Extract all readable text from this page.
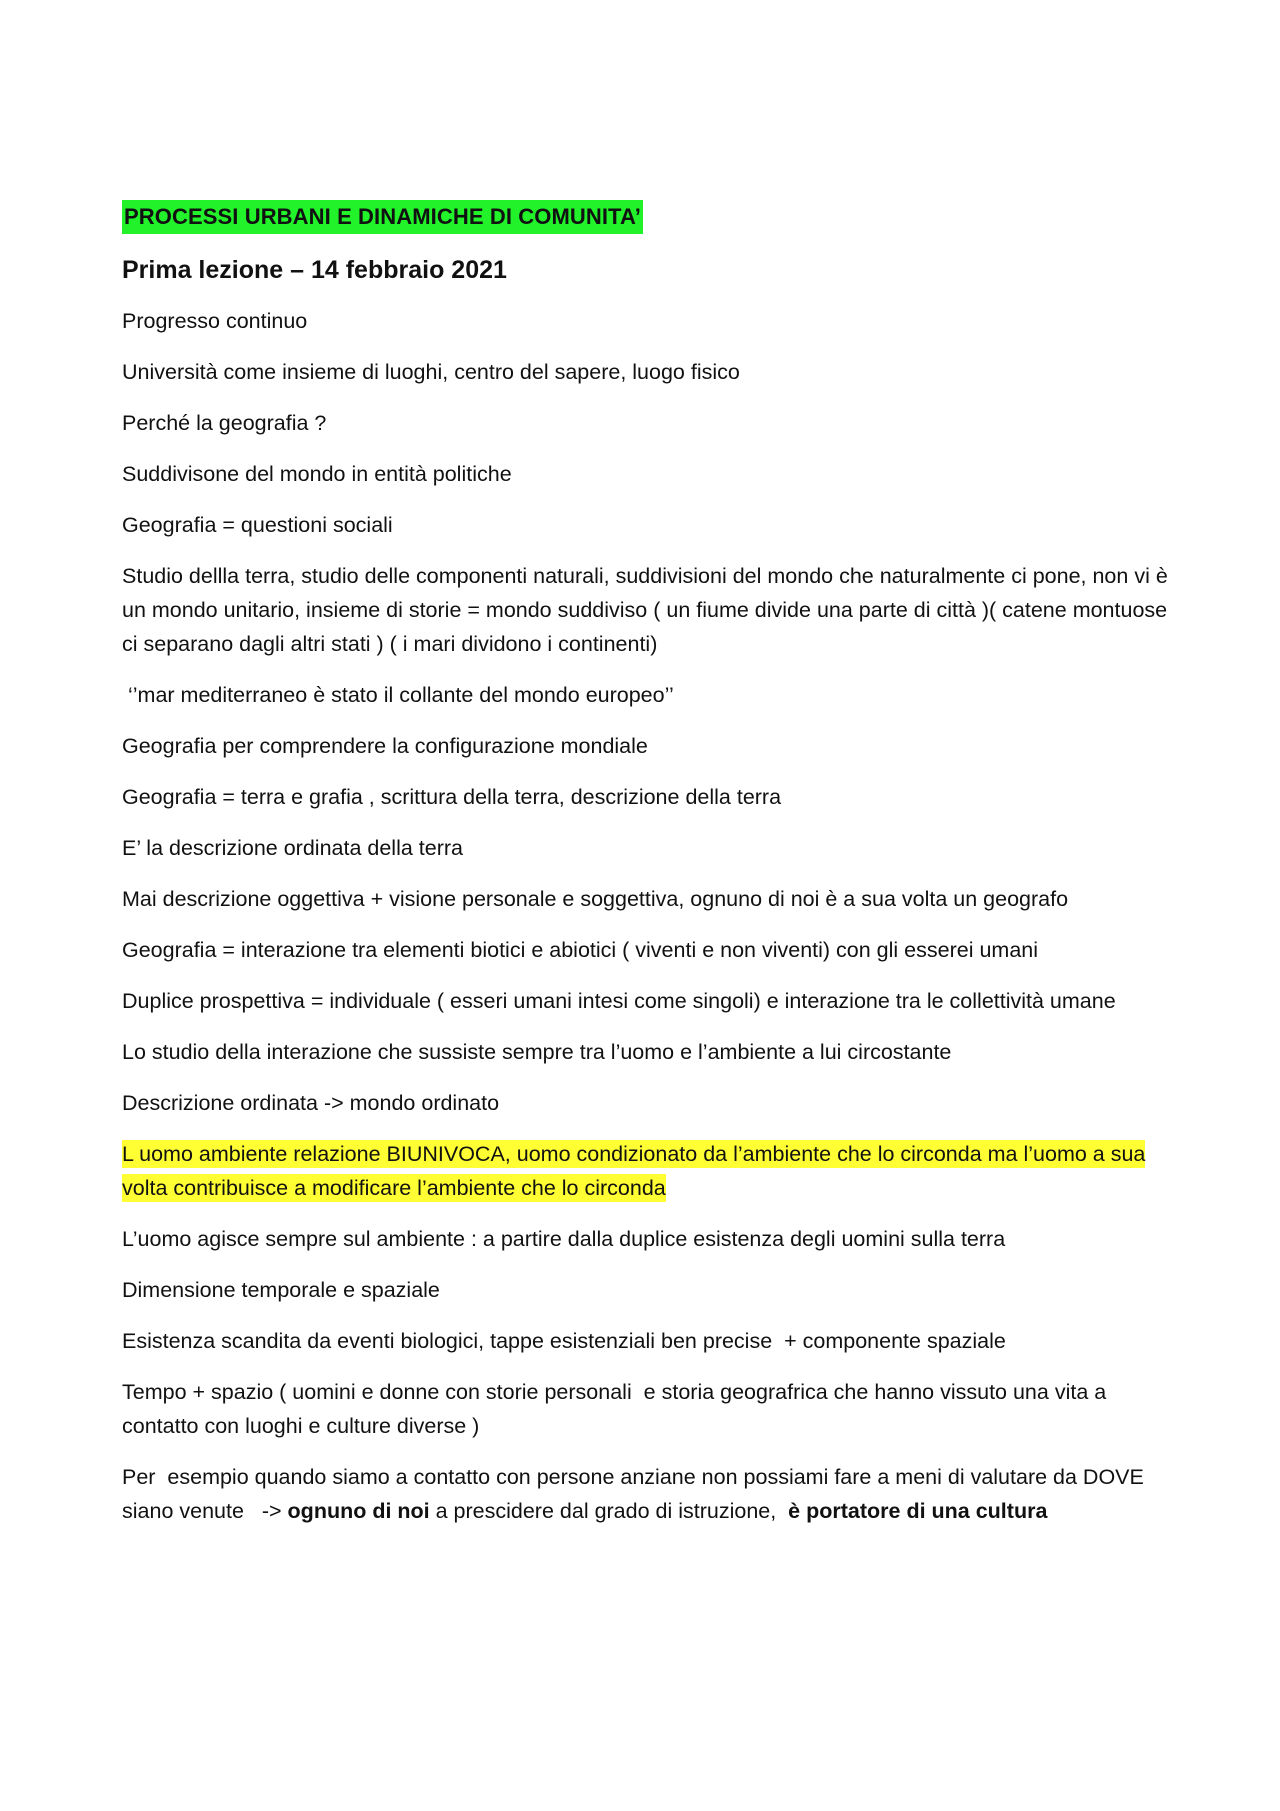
PROCESSI URBANI E DINAMICHE DI COMUNITA’

Prima lezione – 14 febbraio 2021

Progresso continuo

Università come insieme di luoghi, centro del sapere, luogo fisico

Perché la geografia ?

Suddivisone del mondo in entità politiche

Geografia = questioni sociali

Studio dellla terra, studio delle componenti naturali, suddivisioni del mondo che naturalmente ci pone, non vi è un mondo unitario, insieme di storie = mondo suddiviso ( un fiume divide una parte di città )( catene montuose ci separano dagli altri stati ) ( i mari dividono i continenti)

‘’mar mediterraneo è stato il collante del mondo europeo’’

Geografia per comprendere la configurazione mondiale

Geografia = terra e grafia , scrittura della terra, descrizione della terra

E’ la descrizione ordinata della terra

Mai descrizione oggettiva + visione personale e soggettiva, ognuno di noi è a sua volta un geografo

Geografia = interazione tra elementi biotici e abiotici ( viventi e non viventi) con gli esserei umani

Duplice prospettiva = individuale ( esseri umani intesi come singoli) e interazione tra le collettività umane

Lo studio della interazione che sussiste sempre tra l’uomo e l’ambiente a lui circostante

Descrizione ordinata -> mondo ordinato

L uomo ambiente relazione BIUNIVOCA, uomo condizionato da l’ambiente che lo circonda ma l’uomo a sua volta contribuisce a modificare l’ambiente che lo circonda

L’uomo agisce sempre sul ambiente : a partire dalla duplice esistenza degli uomini sulla terra

Dimensione temporale e spaziale

Esistenza scandita da eventi biologici, tappe esistenziali ben precise  + componente spaziale

Tempo + spazio ( uomini e donne con storie personali  e storia geografrica che hanno vissuto una vita a contatto con luoghi e culture diverse )

Per  esempio quando siamo a contatto con persone anziane non possiami fare a meni di valutare da DOVE siano venute   -> ognuno di noi a prescidere dal grado di istruzione,  è portatore di una cultura
